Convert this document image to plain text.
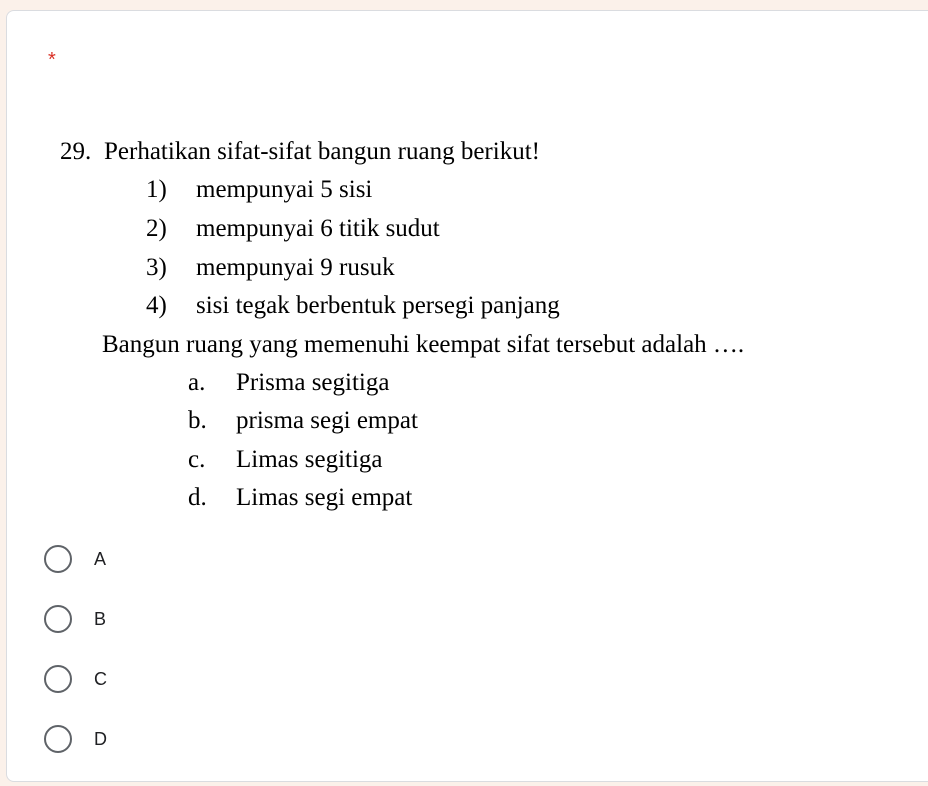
*
29. Perhatikan sifat-sifat bangun ruang berikut!
1) mempunyai 5 sisi
2) mempunyai 6 titik sudut
3) mempunyai 9 rusuk
4) sisi tegak berbentuk persegi panjang
Bangun ruang yang memenuhi keempat sifat tersebut adalah ….
a. Prisma segitiga
b. prisma segi empat
c. Limas segitiga
d. Limas segi empat
A
B
C
D
